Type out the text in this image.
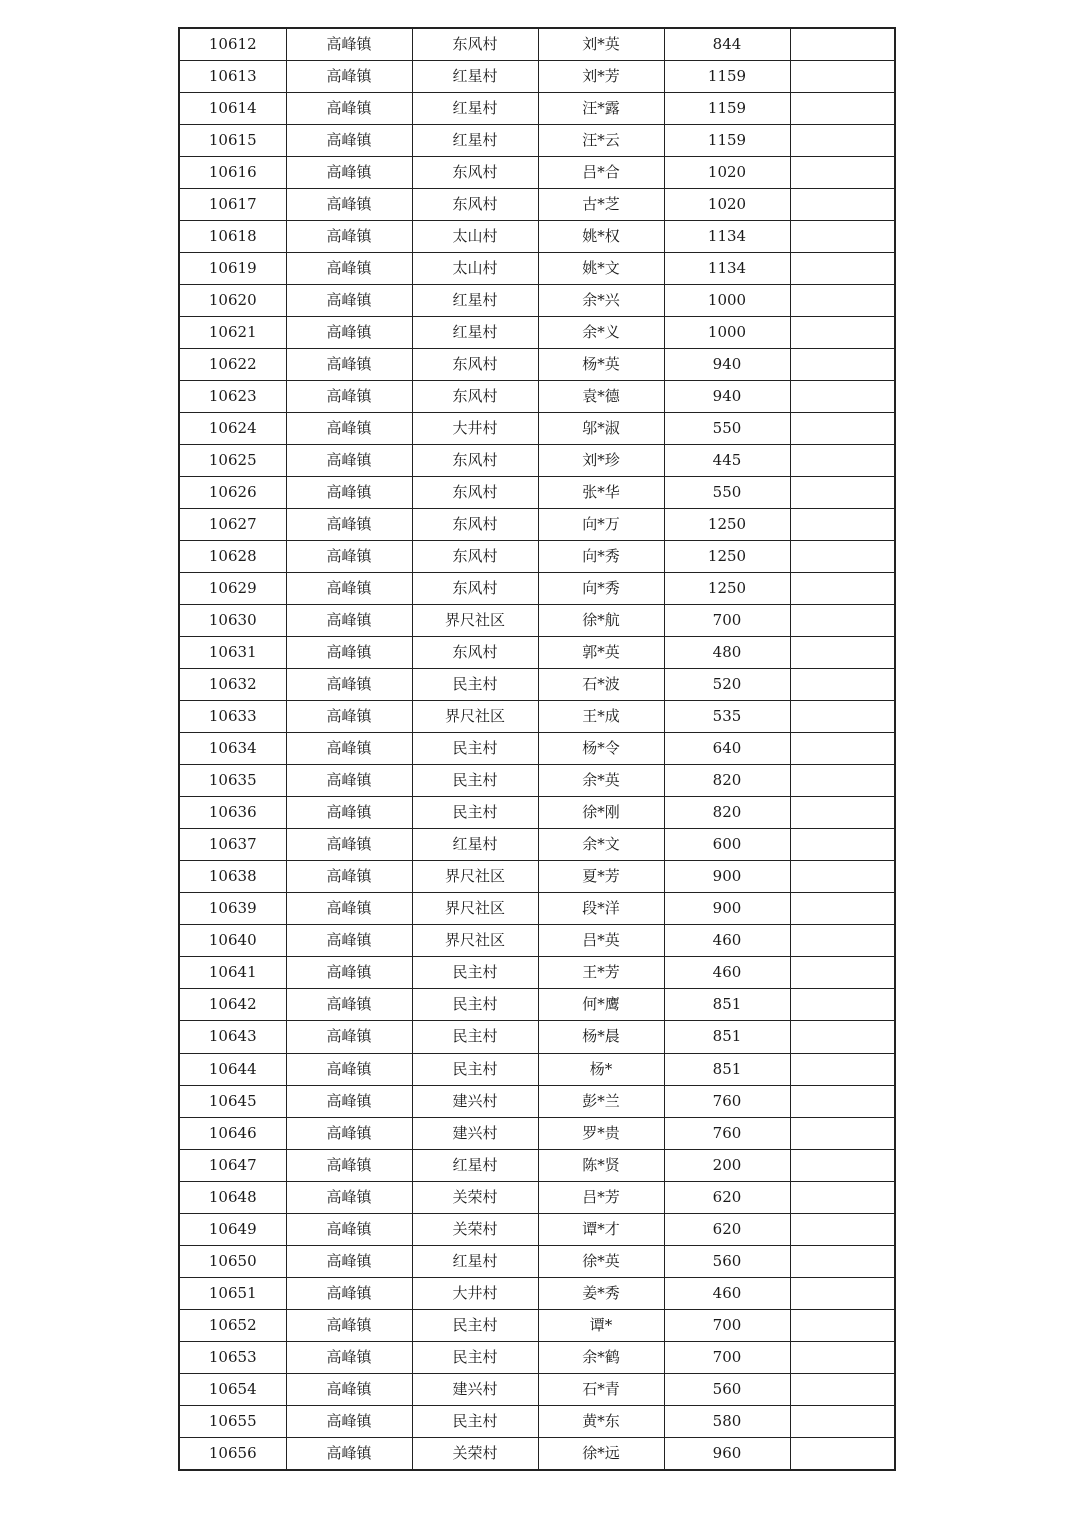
10612	高峰镇	东风村	刘*英	844	
10613	高峰镇	红星村	刘*芳	1159	
10614	高峰镇	红星村	汪*露	1159	
10615	高峰镇	红星村	汪*云	1159	
10616	高峰镇	东风村	吕*合	1020	
10617	高峰镇	东风村	古*芝	1020	
10618	高峰镇	太山村	姚*权	1134	
10619	高峰镇	太山村	姚*文	1134	
10620	高峰镇	红星村	余*兴	1000	
10621	高峰镇	红星村	余*义	1000	
10622	高峰镇	东风村	杨*英	940	
10623	高峰镇	东风村	袁*德	940	
10624	高峰镇	大井村	邬*淑	550	
10625	高峰镇	东风村	刘*珍	445	
10626	高峰镇	东风村	张*华	550	
10627	高峰镇	东风村	向*万	1250	
10628	高峰镇	东风村	向*秀	1250	
10629	高峰镇	东风村	向*秀	1250	
10630	高峰镇	界尺社区	徐*航	700	
10631	高峰镇	东风村	郭*英	480	
10632	高峰镇	民主村	石*波	520	
10633	高峰镇	界尺社区	王*成	535	
10634	高峰镇	民主村	杨*令	640	
10635	高峰镇	民主村	余*英	820	
10636	高峰镇	民主村	徐*刚	820	
10637	高峰镇	红星村	余*文	600	
10638	高峰镇	界尺社区	夏*芳	900	
10639	高峰镇	界尺社区	段*洋	900	
10640	高峰镇	界尺社区	吕*英	460	
10641	高峰镇	民主村	王*芳	460	
10642	高峰镇	民主村	何*鹰	851	
10643	高峰镇	民主村	杨*晨	851	
10644	高峰镇	民主村	杨*	851	
10645	高峰镇	建兴村	彭*兰	760	
10646	高峰镇	建兴村	罗*贵	760	
10647	高峰镇	红星村	陈*贤	200	
10648	高峰镇	关荣村	吕*芳	620	
10649	高峰镇	关荣村	谭*才	620	
10650	高峰镇	红星村	徐*英	560	
10651	高峰镇	大井村	姜*秀	460	
10652	高峰镇	民主村	谭*	700	
10653	高峰镇	民主村	余*鹤	700	
10654	高峰镇	建兴村	石*青	560	
10655	高峰镇	民主村	黄*东	580	
10656	高峰镇	关荣村	徐*远	960	
